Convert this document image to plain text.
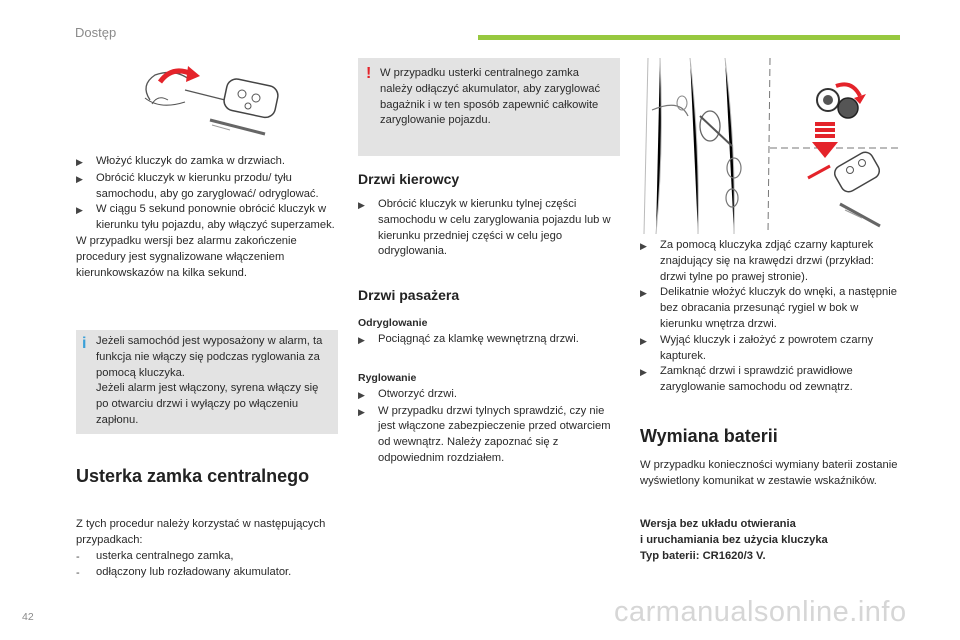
Dostęp
▶	Włożyć kluczyk do zamka w drzwiach.
▶	Obrócić kluczyk w kierunku przodu/ tyłu samochodu, aby go zaryglować/ odryglować.
▶	W ciągu 5 sekund ponownie obrócić kluczyk w kierunku tyłu pojazdu, aby włączyć superzamek.
W przypadku wersji bez alarmu zakończenie procedury jest sygnalizowane włączeniem kierunkowskazów na kilka sekund.
i Jeżeli samochód jest wyposażony w alarm, ta funkcja nie włączy się podczas ryglowania za pomocą kluczyka.
Jeżeli alarm jest włączony, syrena włączy się po otwarciu drzwi i wyłączy po włączeniu zapłonu.
Usterka zamka centralnego
Z tych procedur należy korzystać w następujących przypadkach:
-	usterka centralnego zamka,
-	odłączony lub rozładowany akumulator.
! W przypadku usterki centralnego zamka należy odłączyć akumulator, aby zaryglować bagażnik i w ten sposób zapewnić całkowite zaryglowanie pojazdu.
Drzwi kierowcy
▶	Obrócić kluczyk w kierunku tylnej części samochodu w celu zaryglowania pojazdu lub w kierunku przedniej części w celu jego odryglowania.
Drzwi pasażera
Odryglowanie
▶	Pociągnąć za klamkę wewnętrzną drzwi.
Ryglowanie
▶	Otworzyć drzwi.
▶	W przypadku drzwi tylnych sprawdzić, czy nie jest włączone zabezpieczenie przed otwarciem od wewnątrz. Należy zapoznać się z odpowiednim rozdziałem.
▶	Za pomocą kluczyka zdjąć czarny kapturek znajdujący się na krawędzi drzwi (przykład: drzwi tylne po prawej stronie).
▶	Delikatnie włożyć kluczyk do wnęki, a następnie bez obracania przesunąć rygiel w bok w kierunku wnętrza drzwi.
▶	Wyjąć kluczyk i założyć z powrotem czarny kapturek.
▶	Zamknąć drzwi i sprawdzić prawidłowe zaryglowanie samochodu od zewnątrz.
Wymiana baterii
W przypadku konieczności wymiany baterii zostanie wyświetlony komunikat w zestawie wskaźników.
Wersja bez układu otwierania
i uruchamiania bez użycia kluczyka
Typ baterii: CR1620/3 V.
42	carmanualsonline.info
